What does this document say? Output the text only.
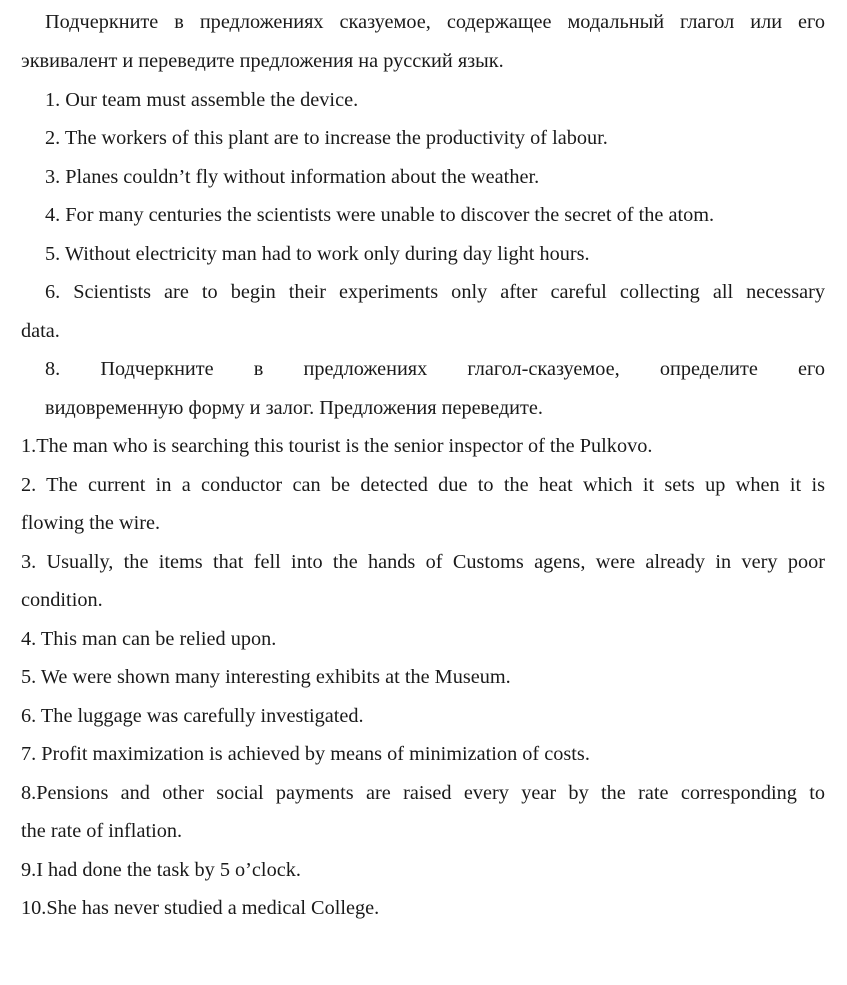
Подчеркните в предложениях сказуемое, содержащее модальный глагол или его
эквивалент и переведите предложения на русский язык.
1. Our team must assemble the device.
2. The workers of this plant are to increase the productivity of labour.
3. Planes couldn’t fly without information about the weather.
4. For many centuries the scientists were unable to discover the secret of the atom.
5. Without electricity man had to work only during day light hours.
6. Scientists are to begin their experiments only after careful collecting all necessary
data.
8. Подчеркните в предложениях глагол-сказуемое, определите его
видовременную форму и залог. Предложения переведите.
1.The man who is searching this tourist is the senior inspector of the Pulkovo.
2. The current in a conductor can be detected due to the heat which it sets up when it is
flowing the wire.
3. Usually, the items that fell into the hands of Customs agens, were already in very poor
condition.
4. This man can be relied upon.
5. We were shown many interesting exhibits at the Museum.
6. The luggage was carefully investigated.
7. Profit maximization is achieved by means of minimization of costs.
8.Pensions and other social payments are raised every year by the rate corresponding to
the rate of inflation.
9.I had done the task by 5 o’clock.
10.She has never studied a medical College.
